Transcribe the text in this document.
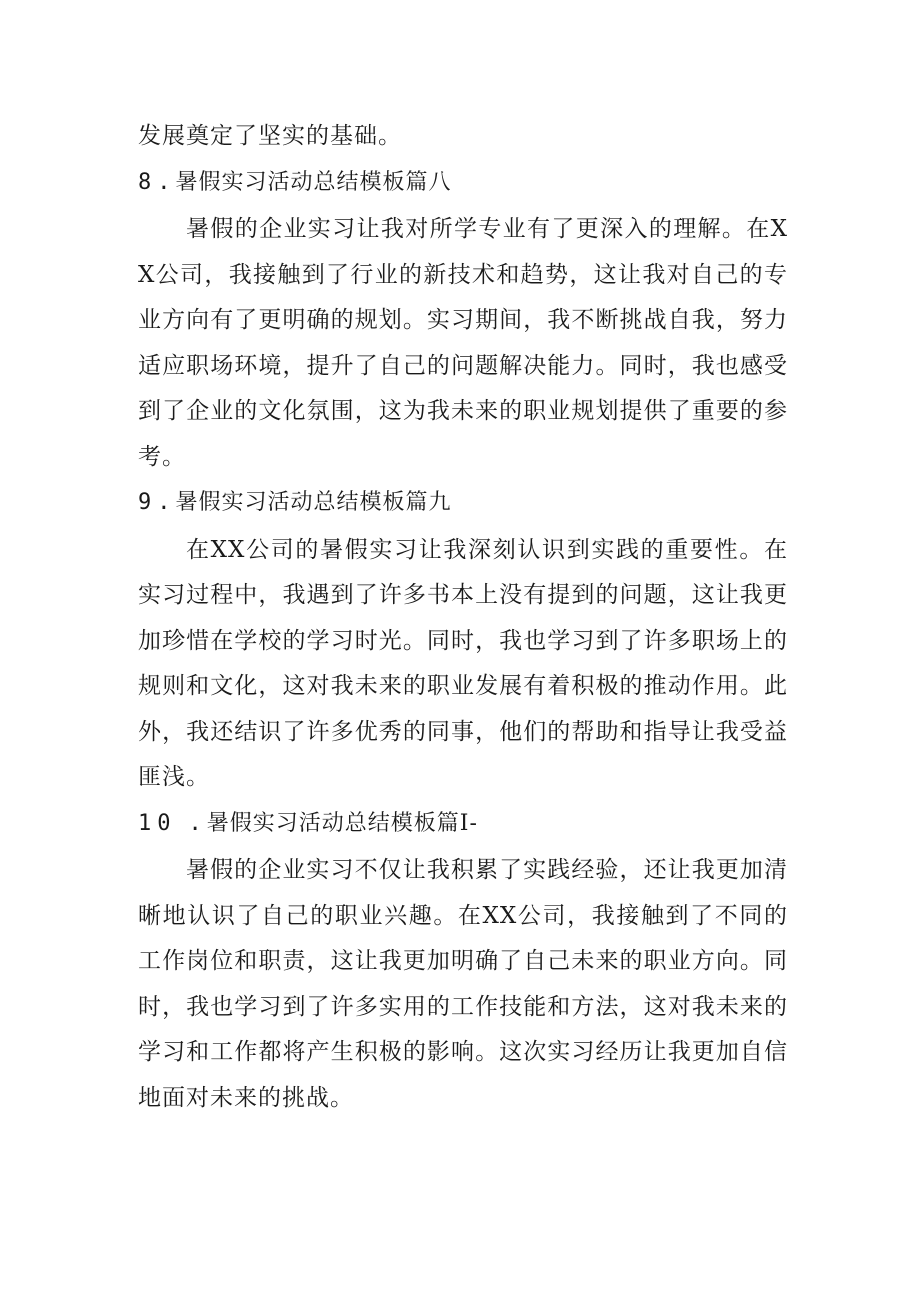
发展奠定了坚实的基础。

8 . 暑假实习活动总结模板篇八

暑假的企业实习让我对所学专业有了更深入的理解。在XX公司，我接触到了行业的新技术和趋势，这让我对自己的专业方向有了更明确的规划。实习期间，我不断挑战自我，努力适应职场环境，提升了自己的问题解决能力。同时，我也感受到了企业的文化氛围，这为我未来的职业规划提供了重要的参考。

9 . 暑假实习活动总结模板篇九

在XX公司的暑假实习让我深刻认识到实践的重要性。在实习过程中，我遇到了许多书本上没有提到的问题，这让我更加珍惜在学校的学习时光。同时，我也学习到了许多职场上的规则和文化，这对我未来的职业发展有着积极的推动作用。此外，我还结识了许多优秀的同事，他们的帮助和指导让我受益匪浅。

10 . 暑假实习活动总结模板篇I-

暑假的企业实习不仅让我积累了实践经验，还让我更加清晰地认识了自己的职业兴趣。在XX公司，我接触到了不同的工作岗位和职责，这让我更加明确了自己未来的职业方向。同时，我也学习到了许多实用的工作技能和方法，这对我未来的学习和工作都将产生积极的影响。这次实习经历让我更加自信地面对未来的挑战。
